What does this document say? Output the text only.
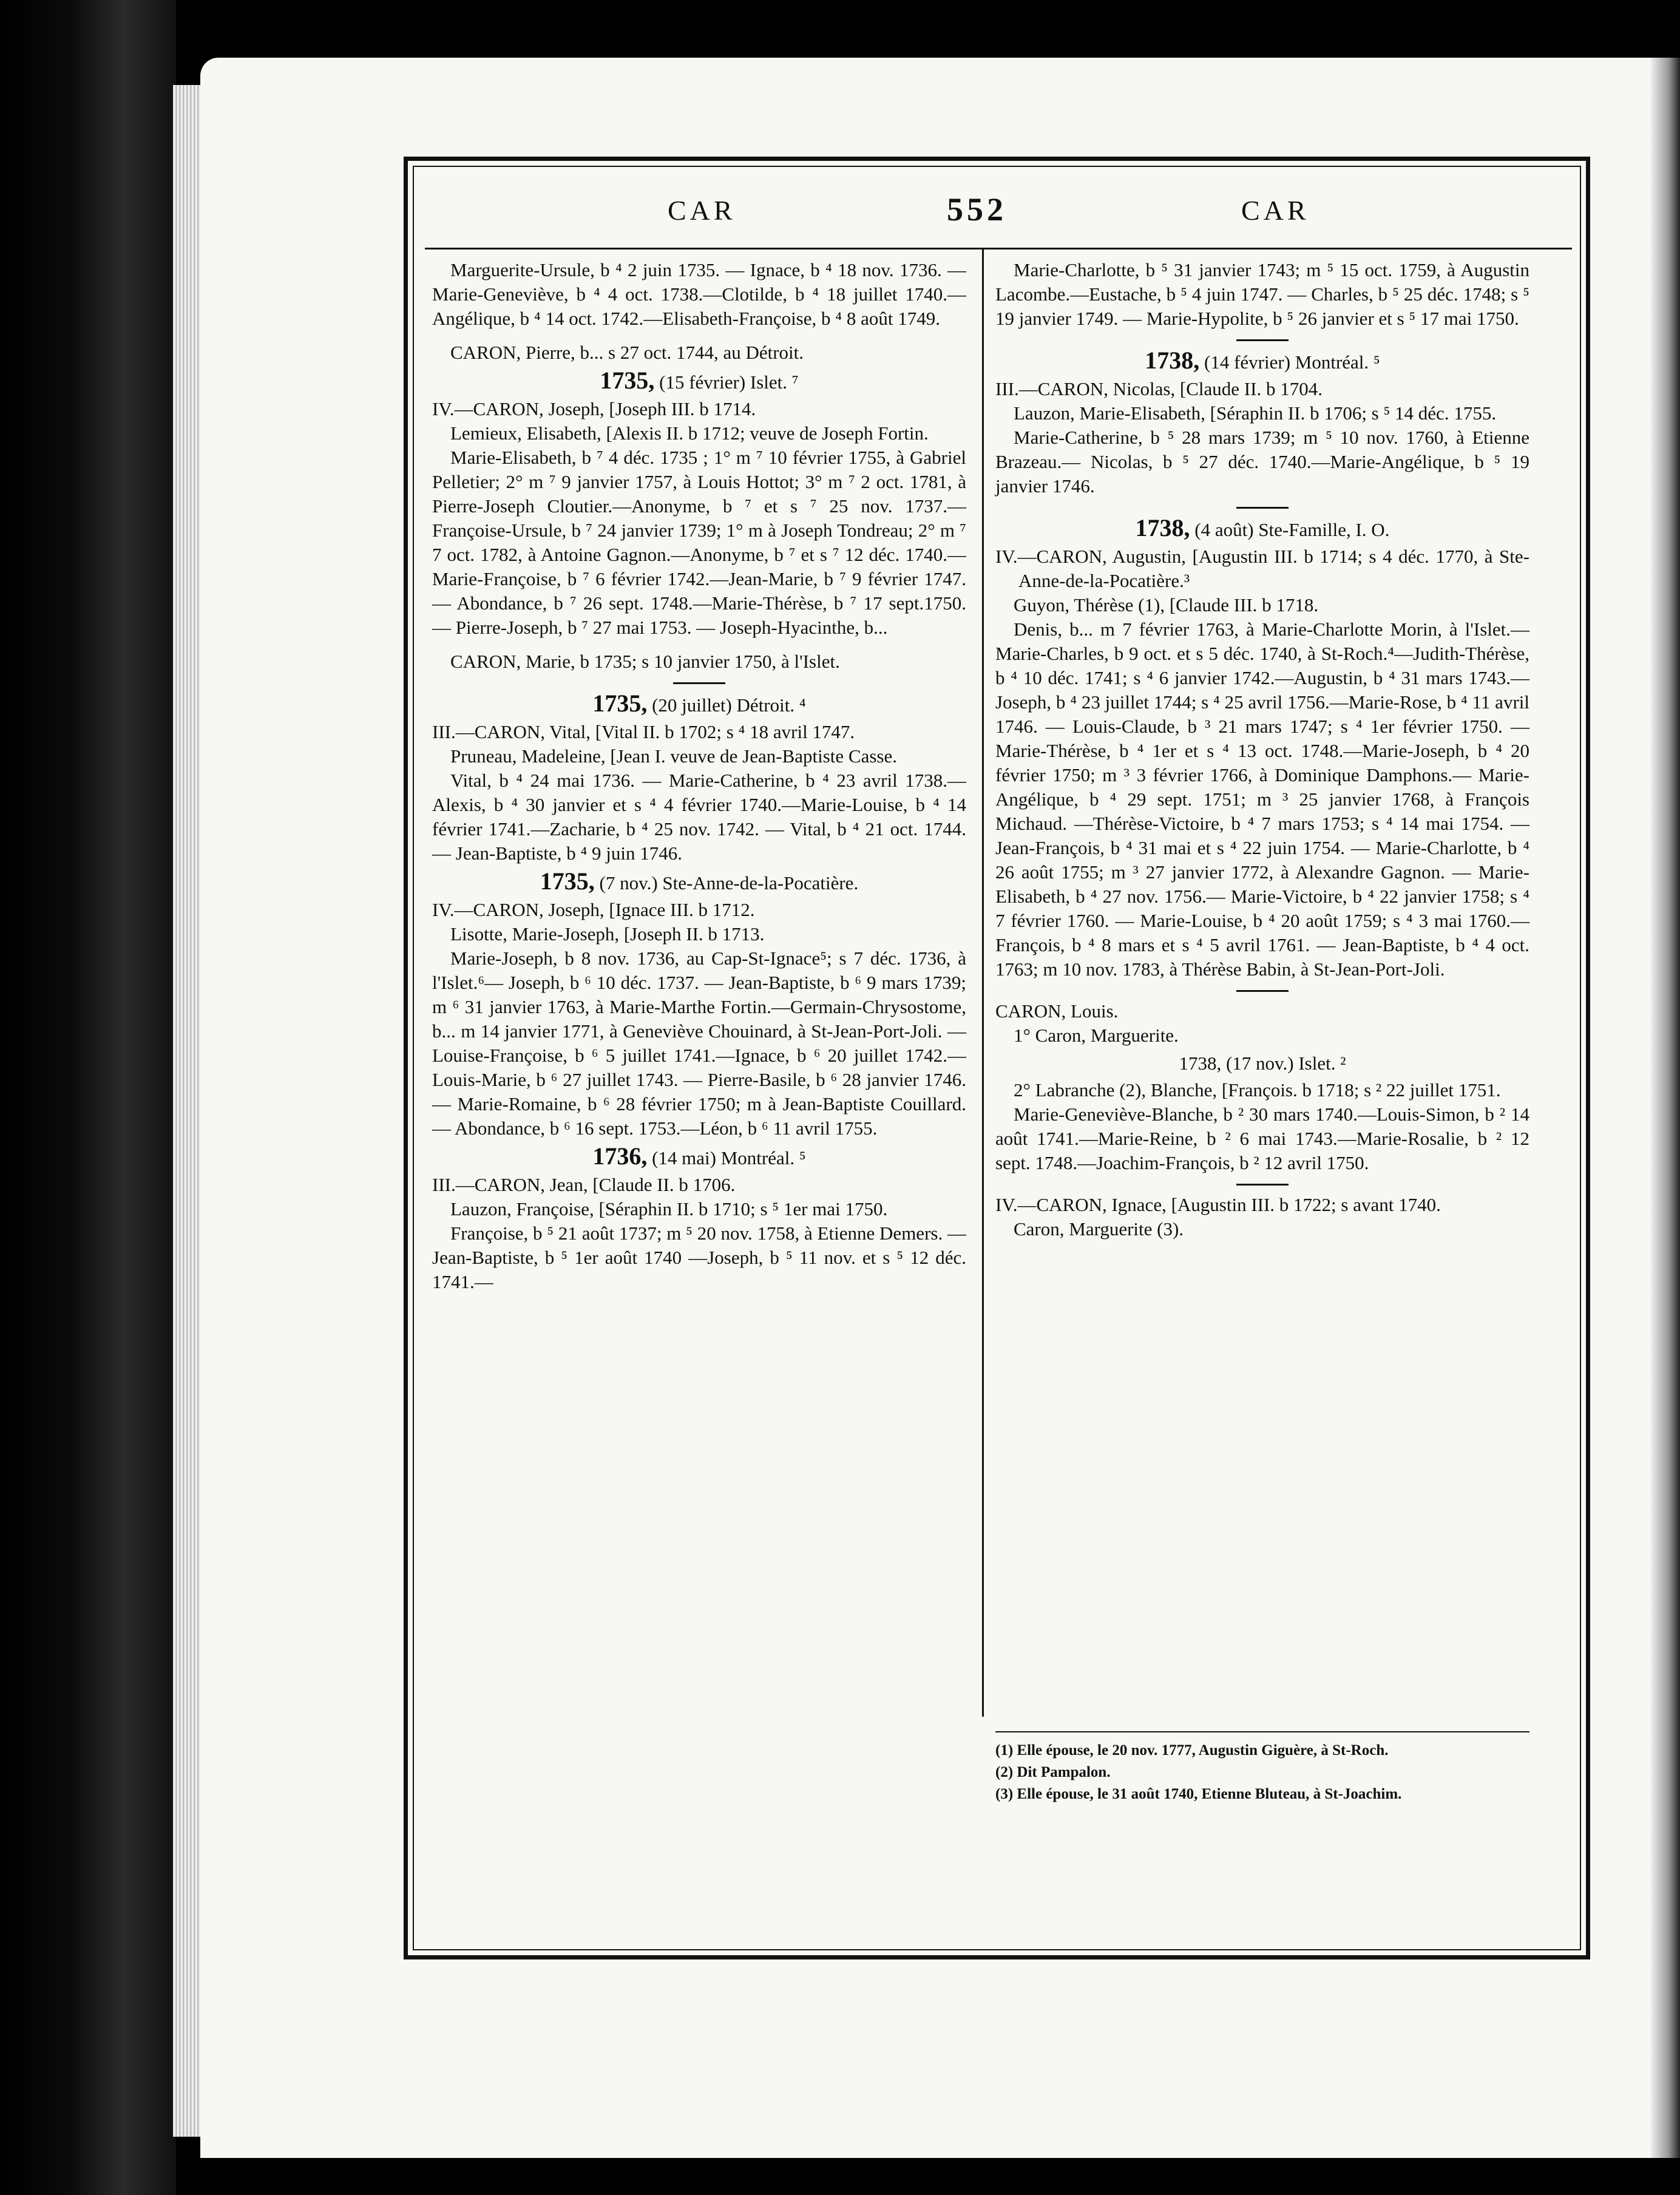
CAR	552	CAR

Marguerite-Ursule, b ⁴ 2 juin 1735. — Ignace, b ⁴ 18 nov. 1736. — Marie-Geneviève, b ⁴ 4 oct. 1738.—Clotilde, b ⁴ 18 juillet 1740.—Angélique, b ⁴ 14 oct. 1742.—Elisabeth-Françoise, b ⁴ 8 août 1749.

CARON, Pierre, b... s 27 oct. 1744, au Détroit.

1735, (15 février) Islet. ⁷

IV.—CARON, Joseph, [Joseph III. b 1714.

Lemieux, Elisabeth, [Alexis II. b 1712; veuve de Joseph Fortin.

Marie-Elisabeth, b ⁷ 4 déc. 1735 ; 1° m ⁷ 10 février 1755, à Gabriel Pelletier; 2° m ⁷ 9 janvier 1757, à Louis Hottot; 3° m ⁷ 2 oct. 1781, à Pierre-Joseph Cloutier.—Anonyme, b ⁷ et s ⁷ 25 nov. 1737.—Françoise-Ursule, b ⁷ 24 janvier 1739; 1° m à Joseph Tondreau; 2° m ⁷ 7 oct. 1782, à Antoine Gagnon.—Anonyme, b ⁷ et s ⁷ 12 déc. 1740.—Marie-Françoise, b ⁷ 6 février 1742.—Jean-Marie, b ⁷ 9 février 1747. — Abondance, b ⁷ 26 sept. 1748.—Marie-Thérèse, b ⁷ 17 sept.1750. — Pierre-Joseph, b ⁷ 27 mai 1753. — Joseph-Hyacinthe, b...

CARON, Marie, b 1735; s 10 janvier 1750, à l'Islet.

1735, (20 juillet) Détroit. ⁴

III.—CARON, Vital, [Vital II. b 1702; s ⁴ 18 avril 1747.

Pruneau, Madeleine, [Jean I. veuve de Jean-Baptiste Casse.

Vital, b ⁴ 24 mai 1736. — Marie-Catherine, b ⁴ 23 avril 1738.—Alexis, b ⁴ 30 janvier et s ⁴ 4 février 1740.—Marie-Louise, b ⁴ 14 février 1741.—Zacharie, b ⁴ 25 nov. 1742. — Vital, b ⁴ 21 oct. 1744. — Jean-Baptiste, b ⁴ 9 juin 1746.

1735, (7 nov.) Ste-Anne-de-la-Pocatière.

IV.—CARON, Joseph, [Ignace III. b 1712.

Lisotte, Marie-Joseph, [Joseph II. b 1713.

Marie-Joseph, b 8 nov. 1736, au Cap-St-Ignace⁵; s 7 déc. 1736, à l'Islet.⁶— Joseph, b ⁶ 10 déc. 1737. — Jean-Baptiste, b ⁶ 9 mars 1739; m ⁶ 31 janvier 1763, à Marie-Marthe Fortin.—Germain-Chrysostome, b... m 14 janvier 1771, à Geneviève Chouinard, à St-Jean-Port-Joli. — Louise-Françoise, b ⁶ 5 juillet 1741.—Ignace, b ⁶ 20 juillet 1742.—Louis-Marie, b ⁶ 27 juillet 1743. — Pierre-Basile, b ⁶ 28 janvier 1746. — Marie-Romaine, b ⁶ 28 février 1750; m à Jean-Baptiste Couillard. — Abondance, b ⁶ 16 sept. 1753.—Léon, b ⁶ 11 avril 1755.

1736, (14 mai) Montréal. ⁵

III.—CARON, Jean, [Claude II. b 1706.

Lauzon, Françoise, [Séraphin II. b 1710; s ⁵ 1er mai 1750.

Françoise, b ⁵ 21 août 1737; m ⁵ 20 nov. 1758, à Etienne Demers. — Jean-Baptiste, b ⁵ 1er août 1740 —Joseph, b ⁵ 11 nov. et s ⁵ 12 déc. 1741.—

Marie-Charlotte, b ⁵ 31 janvier 1743; m ⁵ 15 oct. 1759, à Augustin Lacombe.—Eustache, b ⁵ 4 juin 1747. — Charles, b ⁵ 25 déc. 1748; s ⁵ 19 janvier 1749. — Marie-Hypolite, b ⁵ 26 janvier et s ⁵ 17 mai 1750.

1738, (14 février) Montréal. ⁵

III.—CARON, Nicolas, [Claude II. b 1704.

Lauzon, Marie-Elisabeth, [Séraphin II. b 1706; s ⁵ 14 déc. 1755.

Marie-Catherine, b ⁵ 28 mars 1739; m ⁵ 10 nov. 1760, à Etienne Brazeau.— Nicolas, b ⁵ 27 déc. 1740.—Marie-Angélique, b ⁵ 19 janvier 1746.

1738, (4 août) Ste-Famille, I. O.

IV.—CARON, Augustin, [Augustin III. b 1714; s 4 déc. 1770, à Ste-Anne-de-la-Pocatière.³

Guyon, Thérèse (1), [Claude III. b 1718.

Denis, b... m 7 février 1763, à Marie-Charlotte Morin, à l'Islet.—Marie-Charles, b 9 oct. et s 5 déc. 1740, à St-Roch.⁴—Judith-Thérèse, b ⁴ 10 déc. 1741; s ⁴ 6 janvier 1742.—Augustin, b ⁴ 31 mars 1743.—Joseph, b ⁴ 23 juillet 1744; s ⁴ 25 avril 1756.—Marie-Rose, b ⁴ 11 avril 1746. — Louis-Claude, b ³ 21 mars 1747; s ⁴ 1er février 1750. — Marie-Thérèse, b ⁴ 1er et s ⁴ 13 oct. 1748.—Marie-Joseph, b ⁴ 20 février 1750; m ³ 3 février 1766, à Dominique Damphons.— Marie-Angélique, b ⁴ 29 sept. 1751; m ³ 25 janvier 1768, à François Michaud. —Thérèse-Victoire, b ⁴ 7 mars 1753; s ⁴ 14 mai 1754. — Jean-François, b ⁴ 31 mai et s ⁴ 22 juin 1754. — Marie-Charlotte, b ⁴ 26 août 1755; m ³ 27 janvier 1772, à Alexandre Gagnon. — Marie-Elisabeth, b ⁴ 27 nov. 1756.— Marie-Victoire, b ⁴ 22 janvier 1758; s ⁴ 7 février 1760. — Marie-Louise, b ⁴ 20 août 1759; s ⁴ 3 mai 1760.—François, b ⁴ 8 mars et s ⁴ 5 avril 1761. — Jean-Baptiste, b ⁴ 4 oct. 1763; m 10 nov. 1783, à Thérèse Babin, à St-Jean-Port-Joli.

CARON, Louis.

1° Caron, Marguerite.

1738, (17 nov.) Islet. ²

2° Labranche (2), Blanche, [François. b 1718; s ² 22 juillet 1751.

Marie-Geneviève-Blanche, b ² 30 mars 1740.—Louis-Simon, b ² 14 août 1741.—Marie-Reine, b ² 6 mai 1743.—Marie-Rosalie, b ² 12 sept. 1748.—Joachim-François, b ² 12 avril 1750.

IV.—CARON, Ignace, [Augustin III. b 1722; s avant 1740.

Caron, Marguerite (3).

(1) Elle épouse, le 20 nov. 1777, Augustin Giguère, à St-Roch.

(2) Dit Pampalon.

(3) Elle épouse, le 31 août 1740, Etienne Bluteau, à St-Joachim.
